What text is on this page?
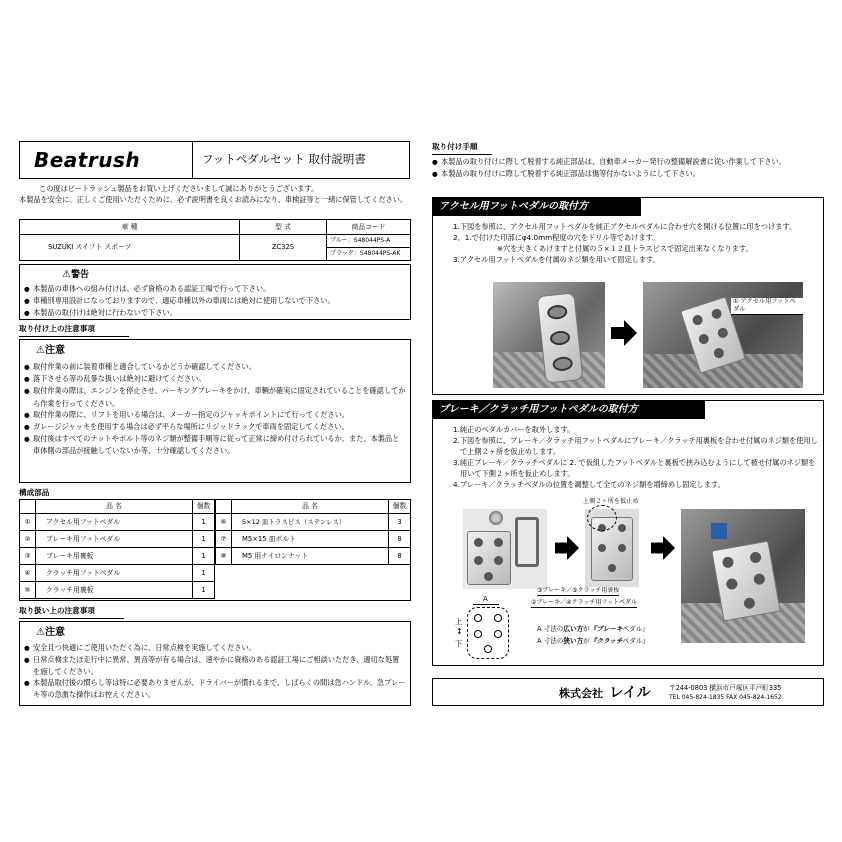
Beatrush	フットペダルセット 取付説明書
この度はビートラッシュ製品をお買い上げくださいまして誠にありがとうございます。
本製品を安全に、正しくご使用いただくために、必ず説明書を良くお読みになり、車検証等と一緒に保管してください。
車 種	型 式	商品コード
SUZUKI スイフト スポーツ	ZC32S	ブルー：S48044PS-A
		ブラック：S48044PS-AK
⚠警告
● 本製品の車体への組み付けは、必ず資格のある認証工場で行って下さい。
● 車種別専用設計になっておりますので、適応車種以外の車両には絶対に使用しないで下さい。
● 本製品の取付けは絶対に行わないで下さい。
取り付け上の注意事項
⚠注意
● 取付作業の前に装着車種と適合しているかどうか確認してください。
● 落下させる等の乱暴な扱いは絶対に避けてください。
● 取付作業の際は、エンジンを停止させ、パーキングブレーキをかけ、車輌が確実に固定されていることを確認してから作業を行ってください。
● 取付作業の際に、リフトを用いる場合は、メーカー指定のジャッキポイントにて行ってください。
● ガレージジャッキを使用する場合は必ず平らな場所にリジッドラックで車両を固定してください。
● 取付後はすべてのナットやボルト等のネジ類が整備手順等に従って正常に締め付けられているか、また、本製品と車体側の部品が接触していないか等、十分確認してください。
構成部品
	品 名	個数
①	アクセル用フットペダル	1
②	ブレーキ用フットペダル	1
③	ブレーキ用裏板	1
④	クラッチ用フットペダル	1
⑤	クラッチ用裏板	1
	品 名	個数
⑥	5×12 皿トラスビス（ステンレス）	3
⑦	M5×15 皿ボルト	8
⑧	M5 用ナイロンナット	8
取り扱い上の注意事項
⚠注意
● 安全且つ快適にご使用いただく為に、日常点検を実施してください。
● 日常点検またほ走行中に異常、異音等が有る場合は、速やかに資格のある認証工場にご相談いただき、適切な処置を施してください。
● 本製品取付後の慣らし等は特に必要ありませんが、ドライバーが慣れるまで、しばらくの間は急ハンドル、急ブレーキ等の急激な操作はお控えください。
取り付け手順
● 本製品の取り付けに際して脱着する純正部品は、自動車メーカー発行の整備解説書に従い作業して下さい。
● 本製品の取り付けに際して脱着する純正部品は傷等付かないようにして下さい。
アクセル用フットペダルの取付方
1.下図を参照に、アクセル用フットペダルを純正アクセルペダルに合わせ穴を開ける位置に印をつけます。
2．1.で付けた印部にφ4.0mm程度の穴をドリル等であけます。
※穴を大きくあけますと付属の５×１２皿トラスビスで固定出来なくなります。
3.アクセル用フットペダルを付属のネジ類を用いて固定します。
① アクセル用フットペダル
ブレーキ／クラッチ用フットペダルの取付方
1.純正のペダルカバーを取外します。
2.下図を参照に、ブレーキ／クラッチ用フットペダルにブレーキ／クラッチ用裏板を合わせ付属のネジ類を使用して上側２ヶ所を仮止めします。
3.純正ブレーキ／クラッチペダルに 2. で仮組したフットペダルと裏板で挟み込むようにして被せ付属のネジ類を用いて下側２ヶ所を仮止めします。
4.ブレーキ／クラッチペダルの位置を調整して全てのネジ類を増締めし固定します。
③ブレーキ／⑤クラッチ用裏板
②ブレーキ／④クラッチ用フットペダル
上側２ヶ所を仮止め
A
上
↕
下
A 寸法の広い方が『ブレーキペダル』
A 寸法の狭い方が『クラッチペダル』
株式会社 レイル	〒244-0803 横浜市戸塚区平戸町335
TEL 045-824-1835 FAX 045-824-1652
